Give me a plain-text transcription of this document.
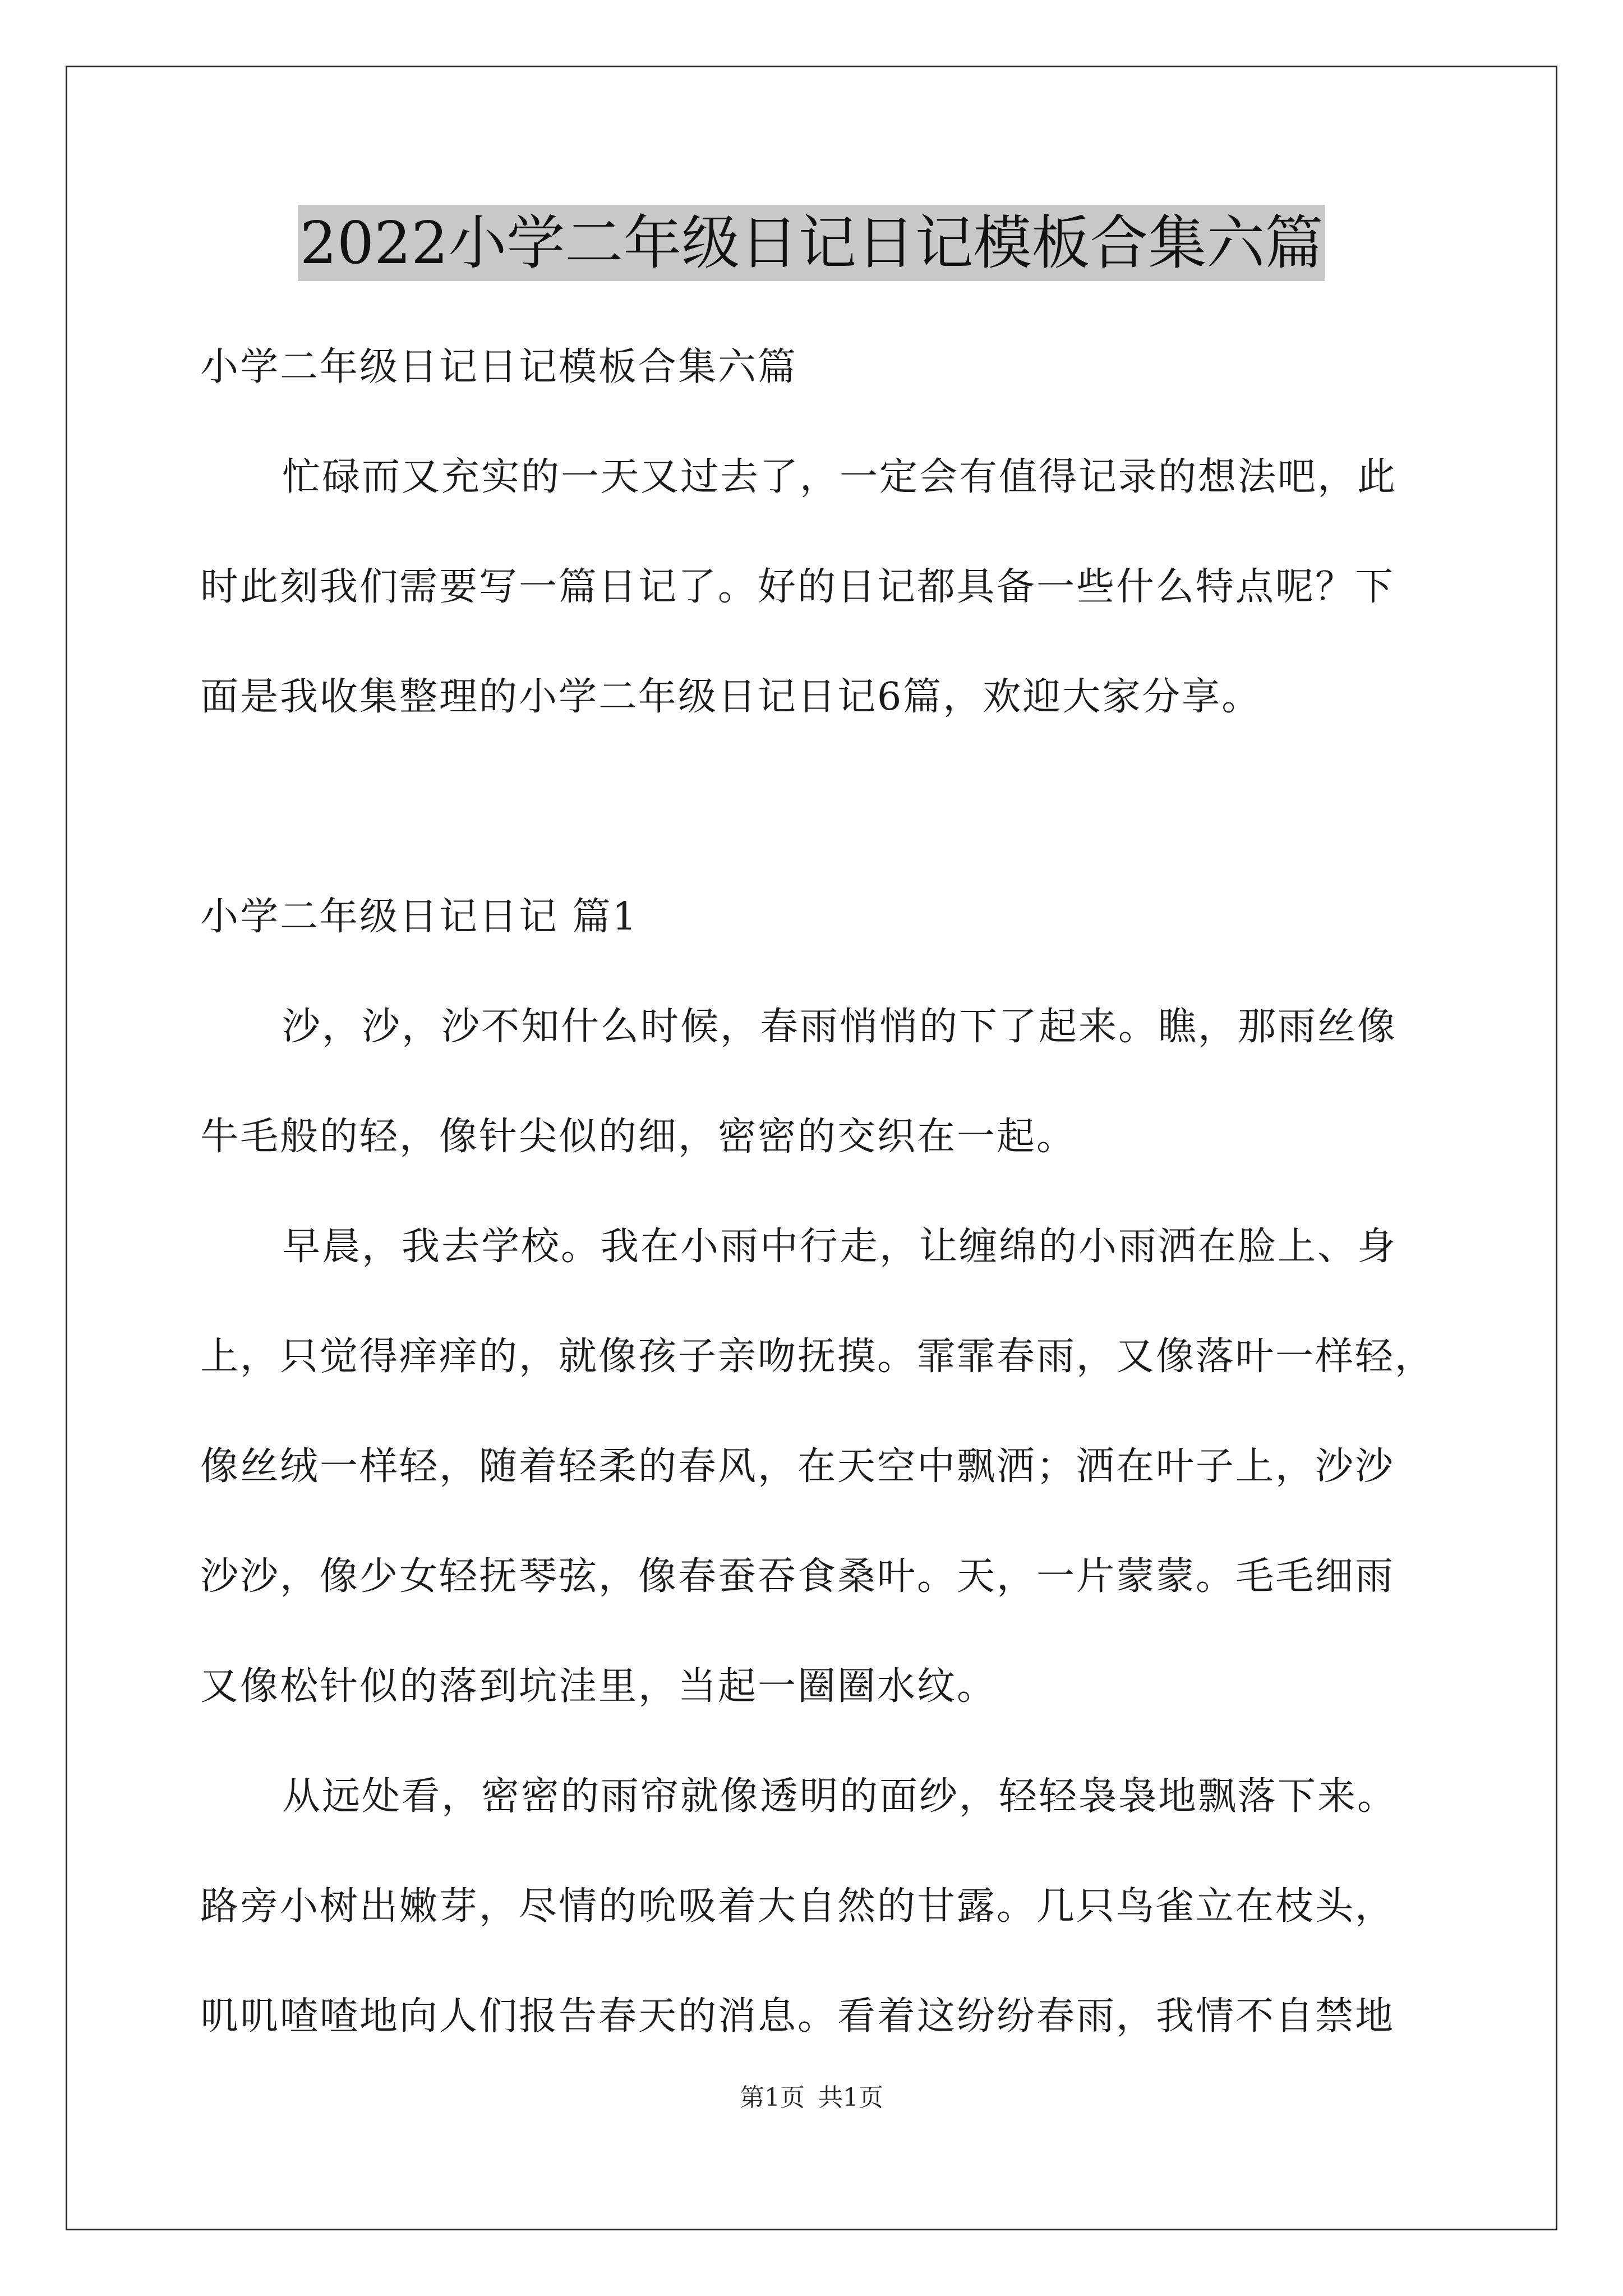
2022小学二年级日记日记模板合集六篇
小学二年级日记日记模板合集六篇
忙碌而又充实的一天又过去了，一定会有值得记录的想法吧，此
时此刻我们需要写一篇日记了。好的日记都具备一些什么特点呢？下
面是我收集整理的小学二年级日记日记6篇，欢迎大家分享。
小学二年级日记日记 篇1
沙，沙，沙不知什么时候，春雨悄悄的下了起来。瞧，那雨丝像
牛毛般的轻，像针尖似的细，密密的交织在一起。
早晨，我去学校。我在小雨中行走，让缠绵的小雨洒在脸上、身
上，只觉得痒痒的，就像孩子亲吻抚摸。霏霏春雨，又像落叶一样轻，
像丝绒一样轻，随着轻柔的春风，在天空中飘洒；洒在叶子上，沙沙
沙沙，像少女轻抚琴弦，像春蚕吞食桑叶。天，一片蒙蒙。毛毛细雨
又像松针似的落到坑洼里，当起一圈圈水纹。
从远处看，密密的雨帘就像透明的面纱，轻轻袅袅地飘落下来。
路旁小树出嫩芽，尽情的吮吸着大自然的甘露。几只鸟雀立在枝头，
叽叽喳喳地向人们报告春天的消息。看着这纷纷春雨，我情不自禁地
第1页 共1页
